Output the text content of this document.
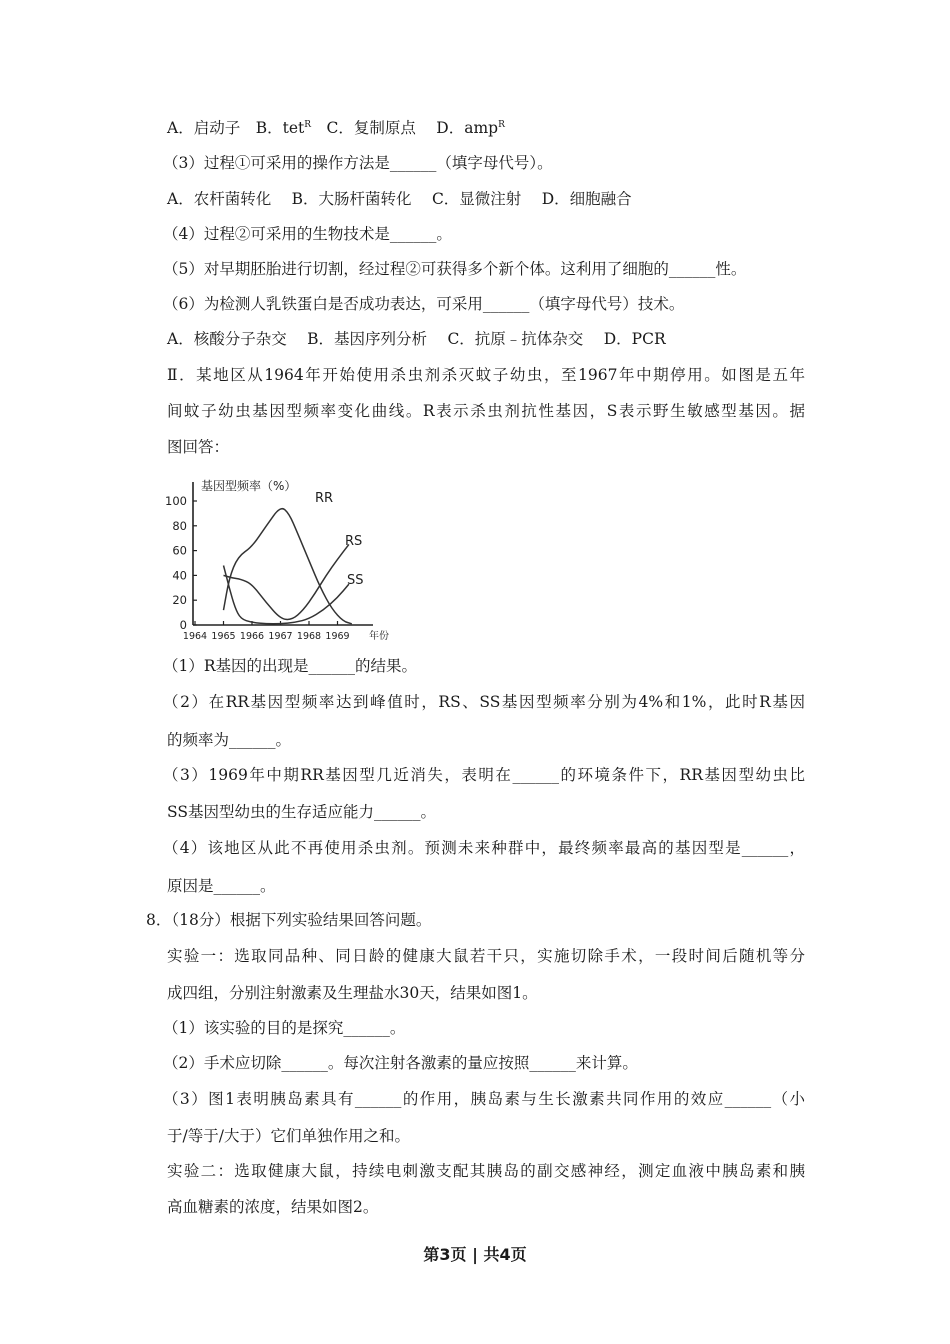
A．启动子　B．tet$^R$　C．复制原点　 D．amp$^R$
（3）过程①可采用的操作方法是______（填字母代号）。
A．农杆菌转化　 B．大肠杆菌转化　 C．显微注射　 D．细胞融合
（4）过程②可采用的生物技术是______。
（5）对早期胚胎进行切割，经过程②可获得多个新个体。这利用了细胞的______性。
（6）为检测人乳铁蛋白是否成功表达，可采用______（填字母代号）技术。
A．核酸分子杂交　 B．基因序列分析　 C．抗原﹣抗体杂交　 D．PCR
Ⅱ．某地区从1964年开始使用杀虫剂杀灭蚊子幼虫，至1967年中期停用。如图是五年
间蚊子幼虫基因型频率变化曲线。R表示杀虫剂抗性基因，S表示野生敏感型基因。据
图回答：
0
20
40
60
80
100
1964 1965 1966 1967 1968 1969
基因型频率（%）
年份
RR
RS
SS
（1）R基因的出现是______的结果。
（2）在RR基因型频率达到峰值时，RS、SS基因型频率分别为4%和1%，此时R基因
的频率为______。
（3）1969年中期RR基因型几近消失，表明在______的环境条件下，RR基因型幼虫比
SS基因型幼虫的生存适应能力______。
（4）该地区从此不再使用杀虫剂。预测未来种群中，最终频率最高的基因型是______，
原因是______。
8．（18分）根据下列实验结果回答问题。
实验一：选取同品种、同日龄的健康大鼠若干只，实施切除手术，一段时间后随机等分
成四组，分别注射激素及生理盐水30天，结果如图1。
（1）该实验的目的是探究______。
（2）手术应切除______。每次注射各激素的量应按照______来计算。
（3）图1表明胰岛素具有______的作用，胰岛素与生长激素共同作用的效应______（小
于/等于/大于）它们单独作用之和。
实验二：选取健康大鼠，持续电刺激支配其胰岛的副交感神经，测定血液中胰岛素和胰
高血糖素的浓度，结果如图2。
第3页 | 共4页
